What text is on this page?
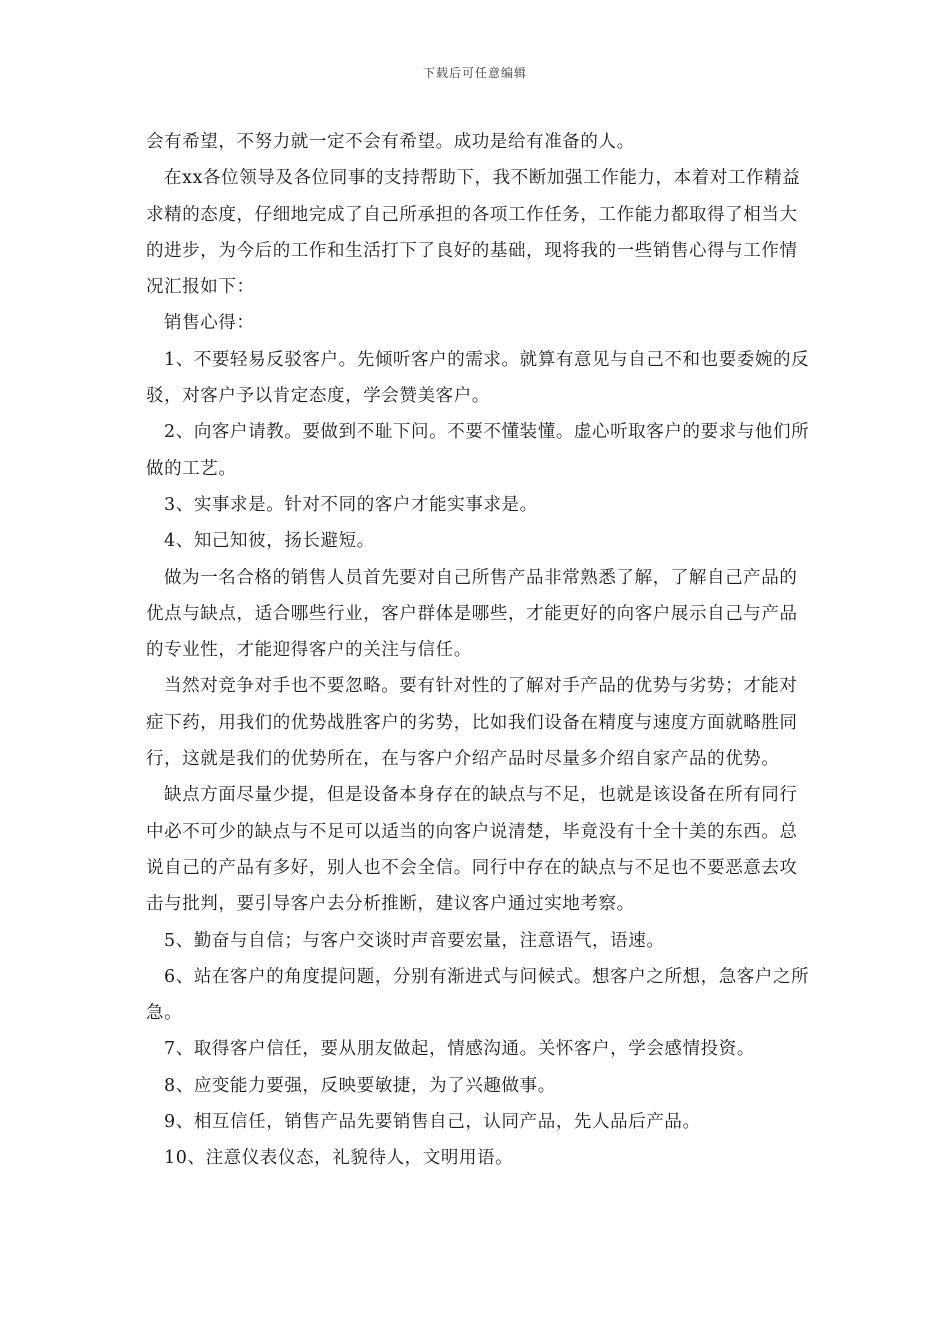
下载后可任意编辑

会有希望，不努力就一定不会有希望。成功是给有准备的人。

在xx各位领导及各位同事的支持帮助下，我不断加强工作能力，本着对工作精益求精的态度，仔细地完成了自己所承担的各项工作任务，工作能力都取得了相当大的进步，为今后的工作和生活打下了良好的基础，现将我的一些销售心得与工作情况汇报如下：

销售心得：

1、不要轻易反驳客户。先倾听客户的需求。就算有意见与自己不和也要委婉的反驳，对客户予以肯定态度，学会赞美客户。

2、向客户请教。要做到不耻下问。不要不懂装懂。虚心听取客户的要求与他们所做的工艺。

3、实事求是。针对不同的客户才能实事求是。

4、知己知彼，扬长避短。

做为一名合格的销售人员首先要对自己所售产品非常熟悉了解，了解自己产品的优点与缺点，适合哪些行业，客户群体是哪些，才能更好的向客户展示自己与产品的专业性，才能迎得客户的关注与信任。

当然对竞争对手也不要忽略。要有针对性的了解对手产品的优势与劣势；才能对症下药，用我们的优势战胜客户的劣势，比如我们设备在精度与速度方面就略胜同行，这就是我们的优势所在，在与客户介绍产品时尽量多介绍自家产品的优势。

缺点方面尽量少提，但是设备本身存在的缺点与不足，也就是该设备在所有同行中必不可少的缺点与不足可以适当的向客户说清楚，毕竟没有十全十美的东西。总说自己的产品有多好，别人也不会全信。同行中存在的缺点与不足也不要恶意去攻击与批判，要引导客户去分析推断，建议客户通过实地考察。

5、勤奋与自信；与客户交谈时声音要宏量，注意语气，语速。

6、站在客户的角度提问题，分别有渐进式与问候式。想客户之所想，急客户之所急。

7、取得客户信任，要从朋友做起，情感沟通。关怀客户，学会感情投资。

8、应变能力要强，反映要敏捷，为了兴趣做事。

9、相互信任，销售产品先要销售自己，认同产品，先人品后产品。

10、注意仪表仪态，礼貌待人，文明用语。
